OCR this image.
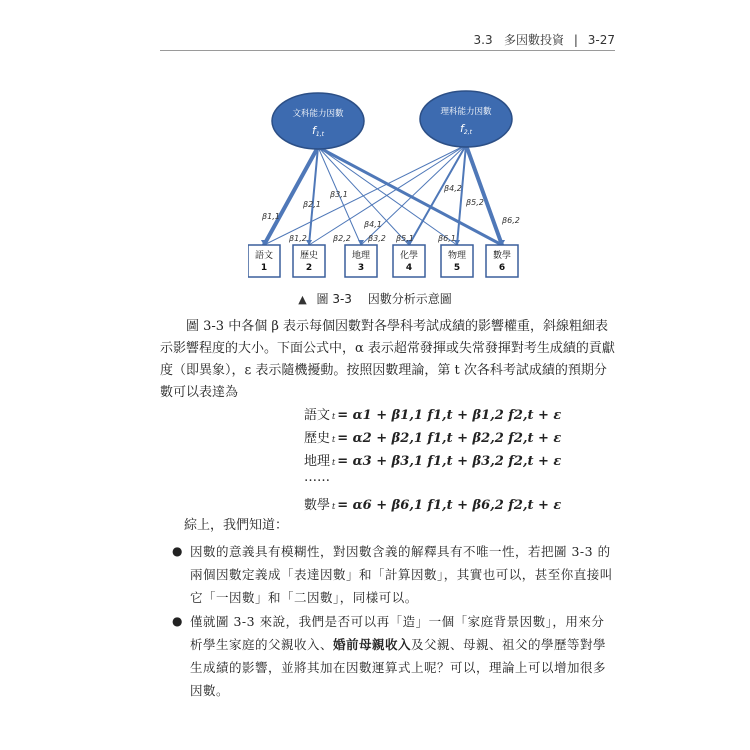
3.3 多因數投資 | 3-27
β1,1
β2,1
β3,1
β4,1
β5,1	β6,1
β1,2	β2,2 β3,2
β4,2
β5,2
β6,2
文科能力因數
f1,t
理科能力因數
f2,t
語文
1
歷史
2
地理
3
化學
4
物理
5
數學
6
▲ 圖 3-3 因數分析示意圖

圖 3-3 中各個 β 表示每個因數對各學科考試成績的影響權重，斜線粗細表示影響程度的大小。下面公式中，α 表示超常發揮或失常發揮對考生成績的貢獻度（即異象），ε 表示隨機擾動。按照因數理論，第 t 次各科考試成績的預期分數可以表達為

語文 t = α1 + β1,1 f1,t + β1,2 f2,t + ε
歷史 t = α2 + β2,1 f1,t + β2,2 f2,t + ε
地理 t = α3 + β3,1 f1,t + β3,2 f2,t + ε
……
數學 t = α6 + β6,1 f1,t + β6,2 f2,t + ε
綜上，我們知道：
● 因數的意義具有模糊性，對因數含義的解釋具有不唯一性，若把圖 3-3 的兩個因數定義成「表達因數」和「計算因數」，其實也可以，甚至你直接叫它「一因數」和「二因數」，同樣可以。
● 僅就圖 3-3 來說，我們是否可以再「造」一個「家庭背景因數」，用來分析學生家庭的父親收入、婚前母親收入及父親、母親、祖父的學歷等對學生成績的影響，並將其加在因數運算式上呢？可以，理論上可以增加很多因數。
